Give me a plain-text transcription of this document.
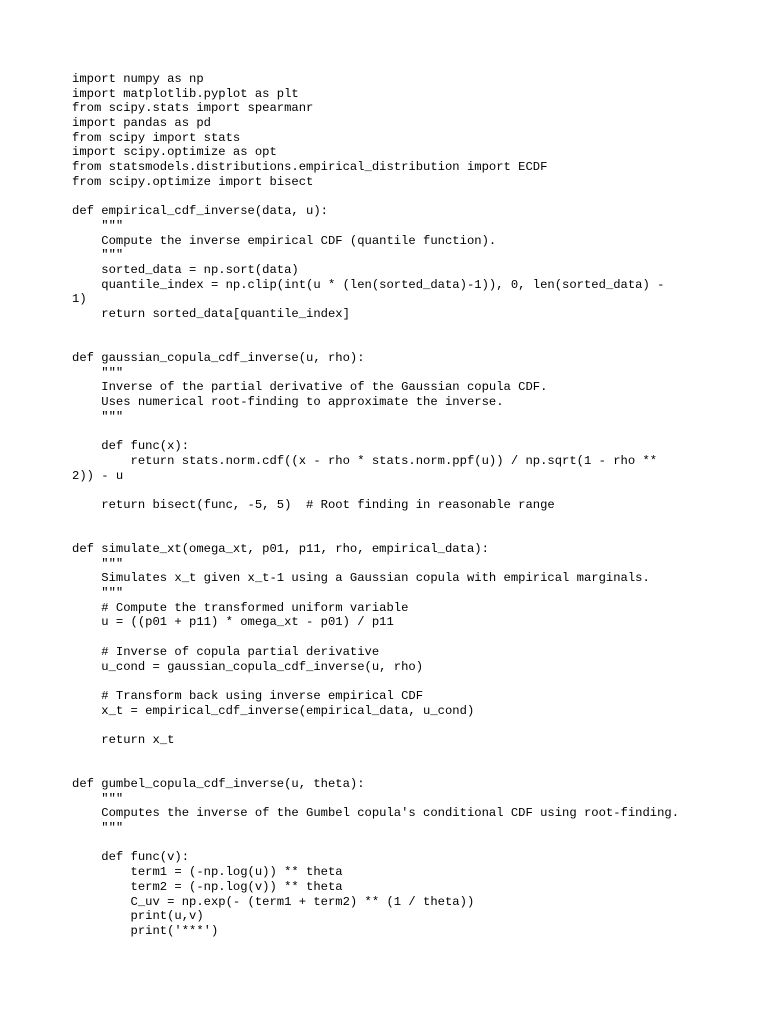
import numpy as np
import matplotlib.pyplot as plt
from scipy.stats import spearmanr
import pandas as pd
from scipy import stats
import scipy.optimize as opt
from statsmodels.distributions.empirical_distribution import ECDF
from scipy.optimize import bisect
def empirical_cdf_inverse(data, u):
"""
Compute the inverse empirical CDF (quantile function).
"""
sorted_data = np.sort(data)
quantile_index = np.clip(int(u * (len(sorted_data)-1)), 0, len(sorted_data) -
1)
return sorted_data[quantile_index]
def gaussian_copula_cdf_inverse(u, rho):
"""
Inverse of the partial derivative of the Gaussian copula CDF.
Uses numerical root-finding to approximate the inverse.
"""
def func(x):
return stats.norm.cdf((x - rho * stats.norm.ppf(u)) / np.sqrt(1 - rho **
2)) - u
return bisect(func, -5, 5)  # Root finding in reasonable range
def simulate_xt(omega_xt, p01, p11, rho, empirical_data):
"""
Simulates x_t given x_t-1 using a Gaussian copula with empirical marginals.
"""
# Compute the transformed uniform variable
u = ((p01 + p11) * omega_xt - p01) / p11
# Inverse of copula partial derivative
u_cond = gaussian_copula_cdf_inverse(u, rho)
# Transform back using inverse empirical CDF
x_t = empirical_cdf_inverse(empirical_data, u_cond)
return x_t
def gumbel_copula_cdf_inverse(u, theta):
"""
Computes the inverse of the Gumbel copula's conditional CDF using root-finding.
"""
def func(v):
term1 = (-np.log(u)) ** theta
term2 = (-np.log(v)) ** theta
C_uv = np.exp(- (term1 + term2) ** (1 / theta))
print(u,v)
print('***')
